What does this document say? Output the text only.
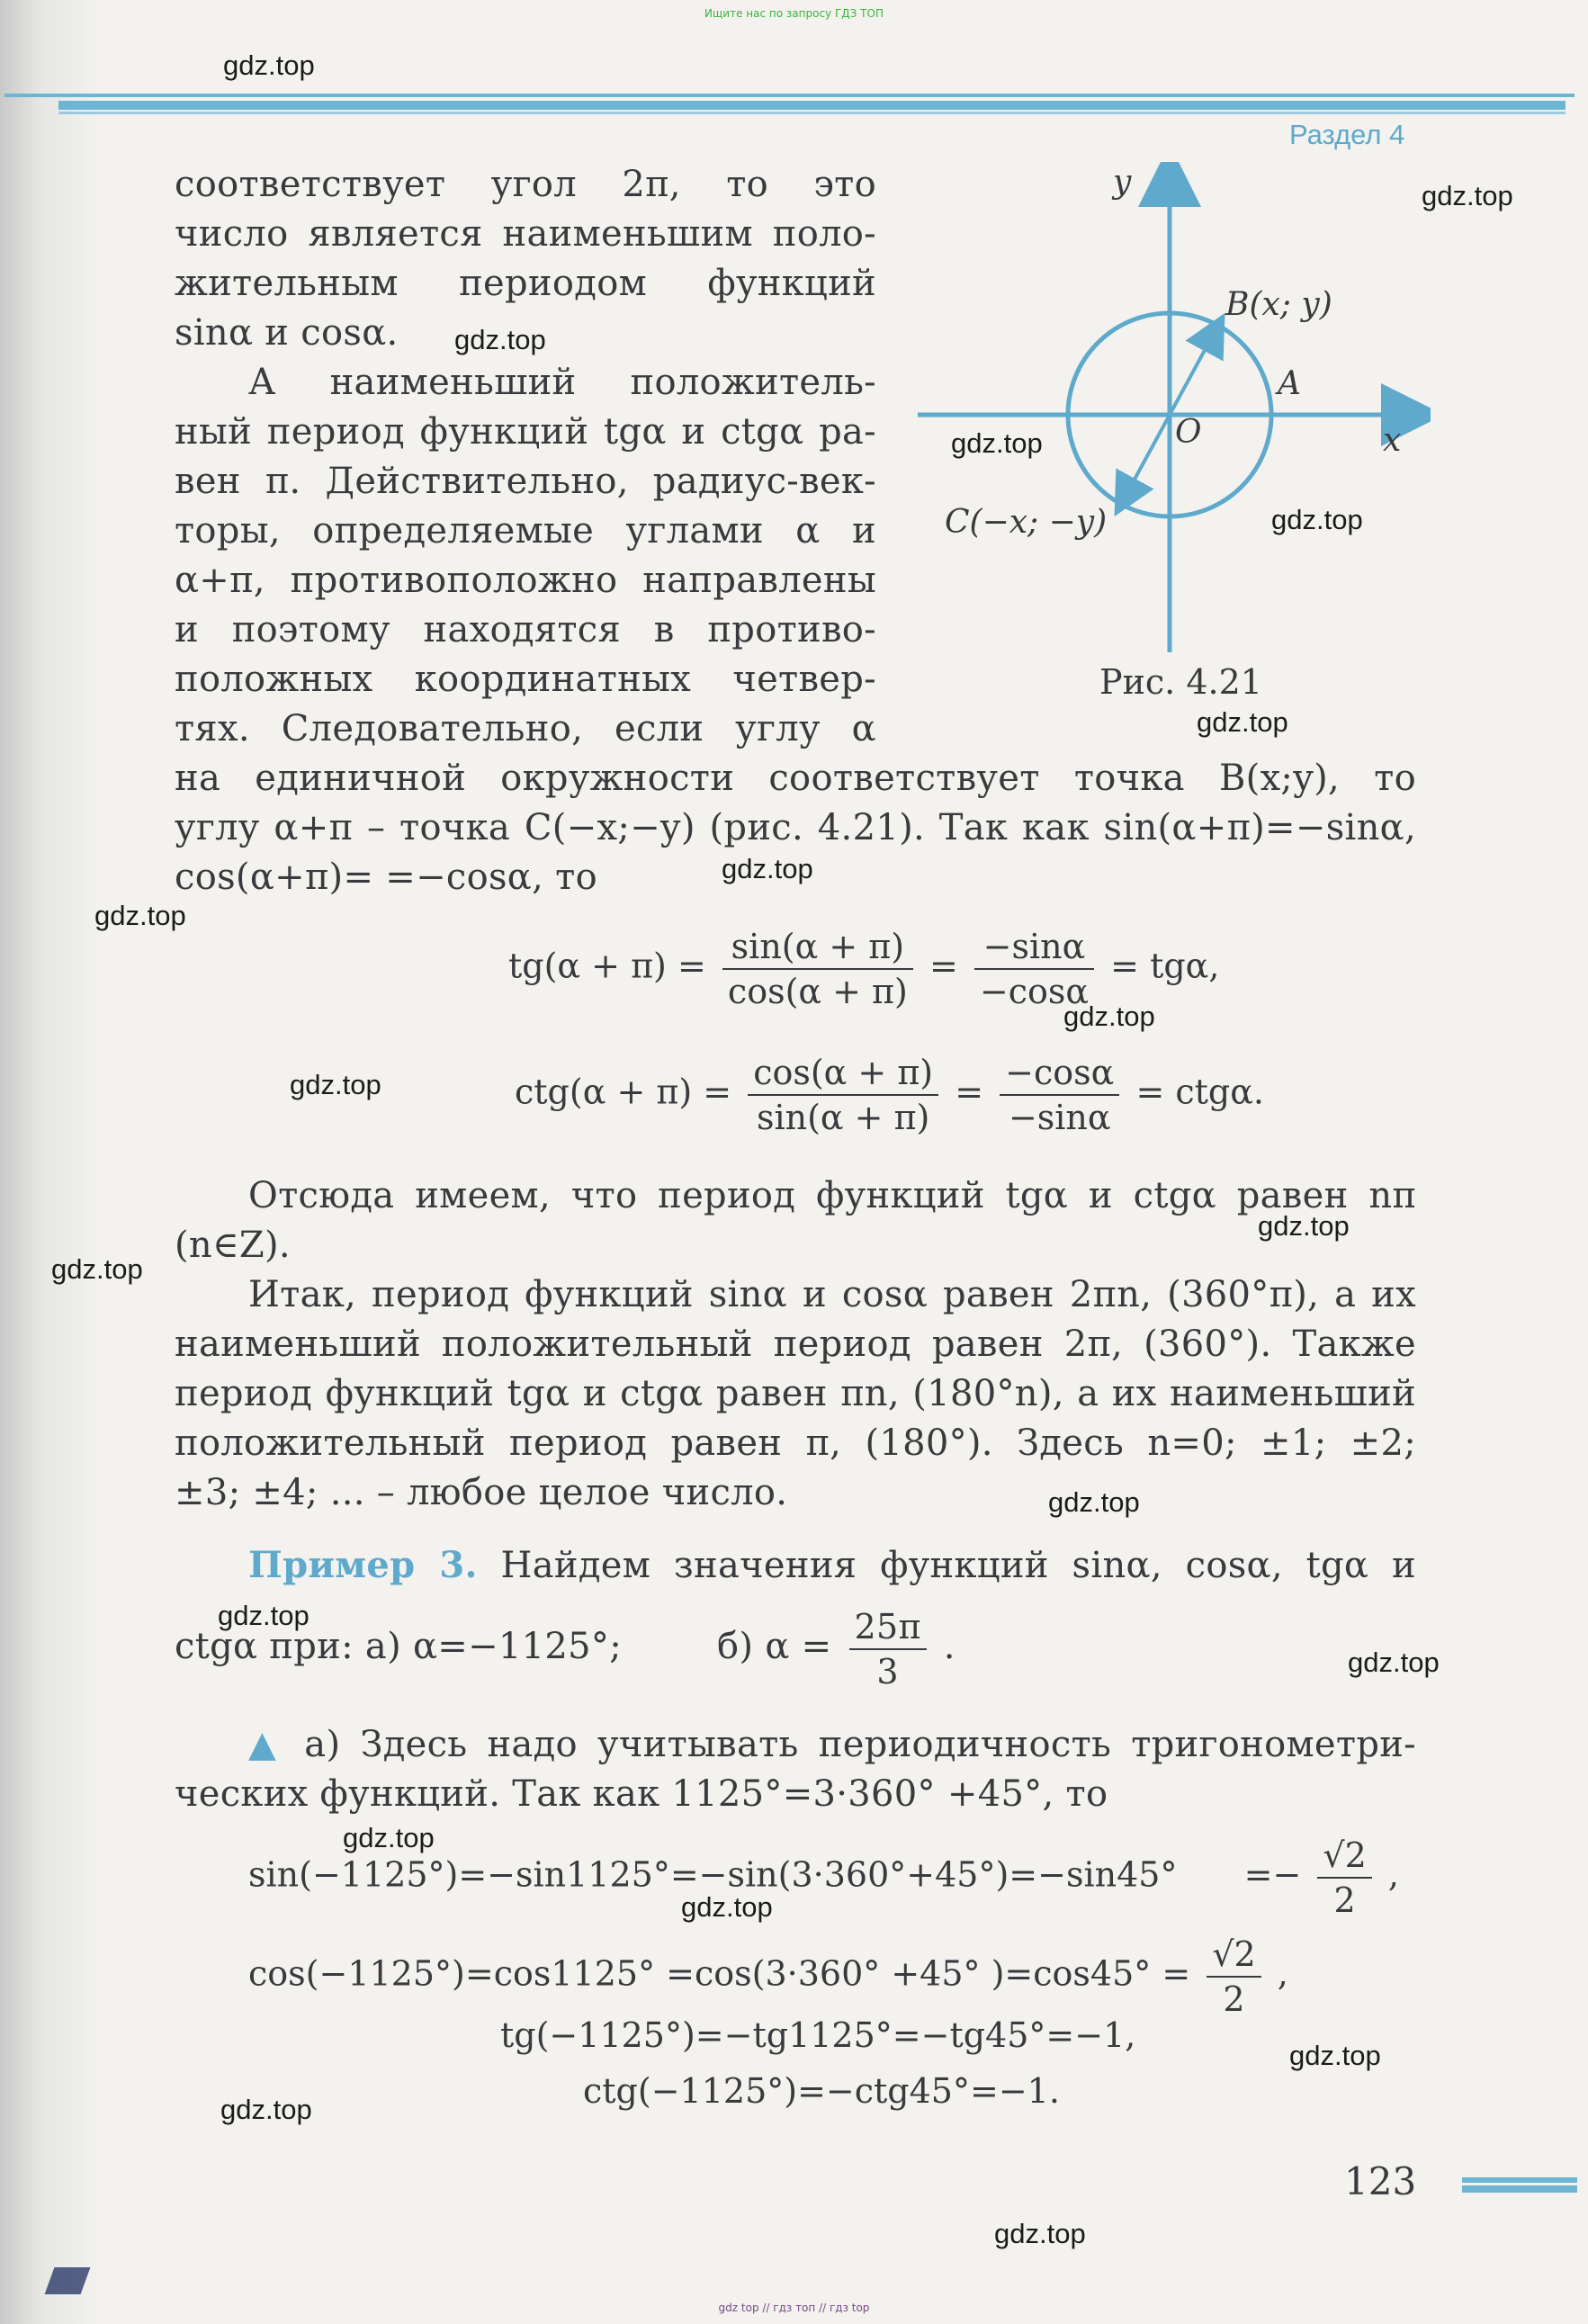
Ищите нас по запросу ГДЗ ТОП
Раздел 4
соответствует угол 2π, то это
число является наименьшим поло-
жительным периодом функций
sinα и cosα.
А наименьший положитель-
ный период функций tgα и ctgα ра-
вен π. Действительно, радиус-век-
торы, определяемые углами α и
α+π, противоположно направлены
и поэтому находятся в противо-
положных координатных четвер-
тях. Следовательно, если углу α
на единичной окружности соответствует точка B(x;y), то
углу α+π – точка C(−x;−y) (рис. 4.21). Так как sin(α+π)=−sinα,
cos(α+π)= =−cosα, то
y
x
B(x; y)
A
O
C(−x; −y)
Рис. 4.21
$tg(\alpha + \pi) = \frac{\sin(\alpha + \pi)}{\cos(\alpha + \pi)} = \frac{-\sin\alpha}{-\cos\alpha} = tg\alpha$,
$ctg(\alpha + \pi) = \frac{\cos(\alpha + \pi)}{\sin(\alpha + \pi)} = \frac{-\cos\alpha}{-\sin\alpha} = ctg\alpha$.
Отсюда имеем, что период функций tgα и ctgα равен nπ
(n∈Z).
Итак, период функций sinα и cosα равен 2πn, (360°π), а их
наименьший положительный период равен 2π, (360°). Также
период функций tgα и ctgα равен πn, (180°n), а их наименьший
положительный период равен π, (180°). Здесь n=0; ±1; ±2;
±3; ±4; ... – любое целое число.
Пример 3. Найдем значения функций sinα, cosα, tgα и
ctgα при: а) α=−1125°;	б) $\alpha = \frac{25\pi}{3}$ .
▲ а) Здесь надо учитывать периодичность тригонометри-
ческих функций. Так как 1125°=3·360° +45°, то
$\sin(-1125^\circ)=-\sin 1125^\circ=-\sin(3\cdot 360^\circ+45^\circ)=-\sin 45^\circ =- \frac{√2}{2}$ ,
cos(−1125°)=cos1125° =cos(3·360° +45° )$=\cos 45^\circ = \frac{√2}{2}$ ,
tg(−1125°)=−tg1125°=−tg45°=−1,
ctg(−1125°)=−ctg45°=−1.
123
gdz.top
gdz.top
gdz.top
gdz.top
gdz.top
gdz.top
gdz.top
gdz.top
gdz.top
gdz.top
gdz.top
gdz.top
gdz.top
gdz.top
gdz.top
gdz.top
gdz.top
gdz.top
gdz.top
gdz.top
gdz top // гдз топ // гдз top
